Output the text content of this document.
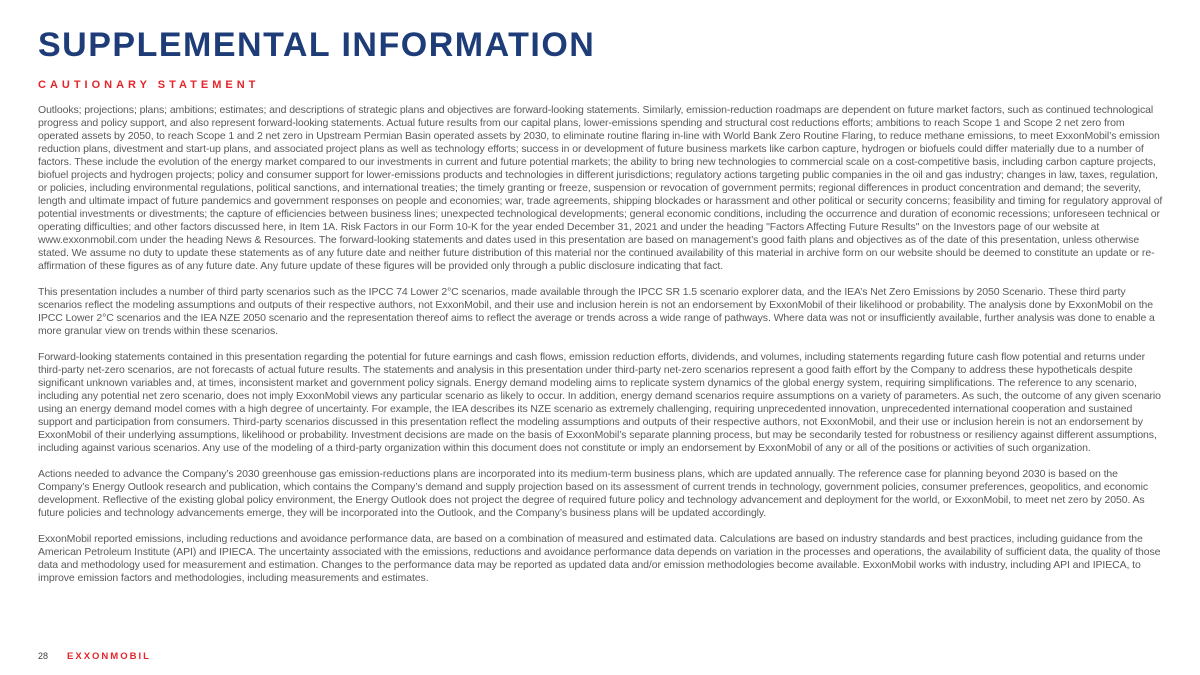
SUPPLEMENTAL INFORMATION
CAUTIONARY STATEMENT

Outlooks; projections; plans; ambitions; estimates; and descriptions of strategic plans and objectives are forward-looking statements. Similarly, emission-reduction roadmaps are dependent on future market factors, such as continued technological progress and policy support, and also represent forward-looking statements. Actual future results from our capital plans, lower-emissions spending and structural cost reductions efforts; ambitions to reach Scope 1 and Scope 2 net zero from operated assets by 2050, to reach Scope 1 and 2 net zero in Upstream Permian Basin operated assets by 2030, to eliminate routine flaring in-line with World Bank Zero Routine Flaring, to reduce methane emissions, to meet ExxonMobil’s emission reduction plans, divestment and start-up plans, and associated project plans as well as technology efforts; success in or development of future business markets like carbon capture, hydrogen or biofuels could differ materially due to a number of factors. These include the evolution of the energy market compared to our investments in current and future potential markets; the ability to bring new technologies to commercial scale on a cost-competitive basis, including carbon capture projects, biofuel projects and hydrogen projects; policy and consumer support for lower-emissions products and technologies in different jurisdictions; regulatory actions targeting public companies in the oil and gas industry; changes in law, taxes, regulation, or policies, including environmental regulations, political sanctions, and international treaties; the timely granting or freeze, suspension or revocation of government permits; regional differences in product concentration and demand; the severity, length and ultimate impact of future pandemics and government responses on people and economies; war, trade agreements, shipping blockades or harassment and other political or security concerns; feasibility and timing for regulatory approval of potential investments or divestments; the capture of efficiencies between business lines; unexpected technological developments; general economic conditions, including the occurrence and duration of economic recessions; unforeseen technical or operating difficulties; and other factors discussed here, in Item 1A. Risk Factors in our Form 10-K for the year ended December 31, 2021 and under the heading "Factors Affecting Future Results" on the Investors page of our website at www.exxonmobil.com under the heading News & Resources. The forward-looking statements and dates used in this presentation are based on management’s good faith plans and objectives as of the date of this presentation, unless otherwise stated. We assume no duty to update these statements as of any future date and neither future distribution of this material nor the continued availability of this material in archive form on our website should be deemed to constitute an update or re-affirmation of these figures as of any future date. Any future update of these figures will be provided only through a public disclosure indicating that fact.

This presentation includes a number of third party scenarios such as the IPCC 74 Lower 2°C scenarios, made available through the IPCC SR 1.5 scenario explorer data, and the IEA’s Net Zero Emissions by 2050 Scenario. These third party scenarios reflect the modeling assumptions and outputs of their respective authors, not ExxonMobil, and their use and inclusion herein is not an endorsement by ExxonMobil of their likelihood or probability. The analysis done by ExxonMobil on the IPCC Lower 2°C scenarios and the IEA NZE 2050 scenario and the representation thereof aims to reflect the average or trends across a wide range of pathways. Where data was not or insufficiently available, further analysis was done to enable a more granular view on trends within these scenarios.

Forward-looking statements contained in this presentation regarding the potential for future earnings and cash flows, emission reduction efforts, dividends, and volumes, including statements regarding future cash flow potential and returns under third-party net-zero scenarios, are not forecasts of actual future results. The statements and analysis in this presentation under third-party net-zero scenarios represent a good faith effort by the Company to address these hypotheticals despite significant unknown variables and, at times, inconsistent market and government policy signals. Energy demand modeling aims to replicate system dynamics of the global energy system, requiring simplifications. The reference to any scenario, including any potential net zero scenario, does not imply ExxonMobil views any particular scenario as likely to occur. In addition, energy demand scenarios require assumptions on a variety of parameters. As such, the outcome of any given scenario using an energy demand model comes with a high degree of uncertainty. For example, the IEA describes its NZE scenario as extremely challenging, requiring unprecedented innovation, unprecedented international cooperation and sustained support and participation from consumers. Third-party scenarios discussed in this presentation reflect the modeling assumptions and outputs of their respective authors, not ExxonMobil, and their use or inclusion herein is not an endorsement by ExxonMobil of their underlying assumptions, likelihood or probability. Investment decisions are made on the basis of ExxonMobil’s separate planning process, but may be secondarily tested for robustness or resiliency against different assumptions, including against various scenarios. Any use of the modeling of a third-party organization within this document does not constitute or imply an endorsement by ExxonMobil of any or all of the positions or activities of such organization.

Actions needed to advance the Company’s 2030 greenhouse gas emission-reductions plans are incorporated into its medium-term business plans, which are updated annually. The reference case for planning beyond 2030 is based on the Company’s Energy Outlook research and publication, which contains the Company’s demand and supply projection based on its assessment of current trends in technology, government policies, consumer preferences, geopolitics, and economic development. Reflective of the existing global policy environment, the Energy Outlook does not project the degree of required future policy and technology advancement and deployment for the world, or ExxonMobil, to meet net zero by 2050. As future policies and technology advancements emerge, they will be incorporated into the Outlook, and the Company’s business plans will be updated accordingly.

ExxonMobil reported emissions, including reductions and avoidance performance data, are based on a combination of measured and estimated data. Calculations are based on industry standards and best practices, including guidance from the American Petroleum Institute (API) and IPIECA. The uncertainty associated with the emissions, reductions and avoidance performance data depends on variation in the processes and operations, the availability of sufficient data, the quality of those data and methodology used for measurement and estimation. Changes to the performance data may be reported as updated data and/or emission methodologies become available. ExxonMobil works with industry, including API and IPIECA, to improve emission factors and methodologies, including measurements and estimates.

28 EXXONMOBIL
